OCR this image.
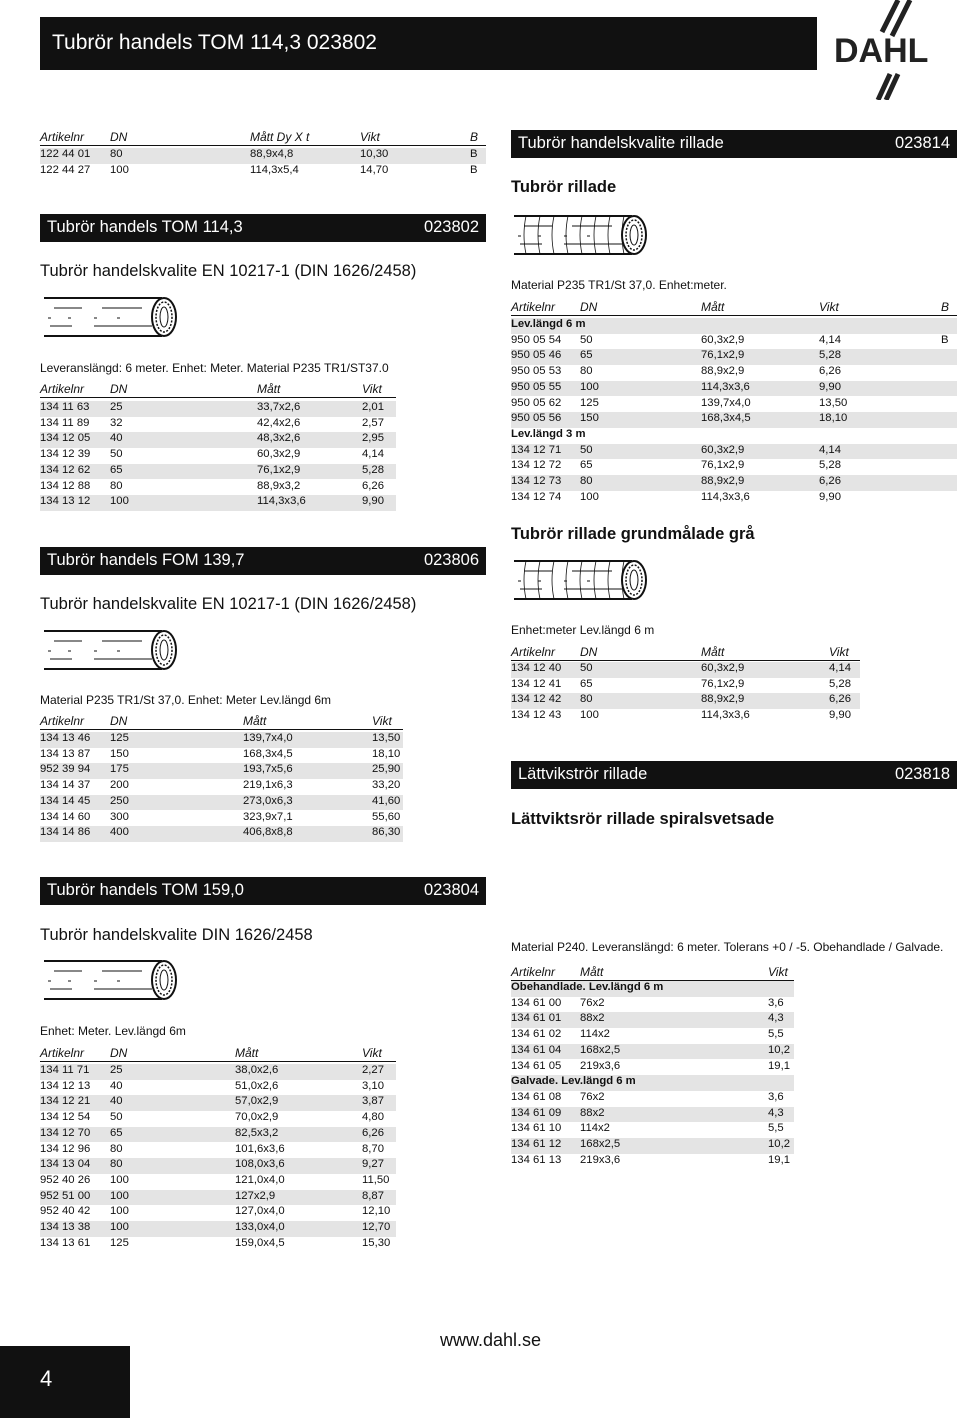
Tubrör handels TOM 114,3 023802	DAHL
Artikelnr DN	Mått Dy X t	Vikt	B
Tubrör handels TOM 114,3	023802
Tubrör handelskvalite EN 10217-1 (DIN 1626/2458)
Leveranslängd: 6 meter. Enhet: Meter. Material P235 TR1/ST37.0
Artikelnr DN	Mått	Vikt
Tubrör handels FOM 139,7	023806
Tubrör handelskvalite EN 10217-1 (DIN 1626/2458)
Material P235 TR1/St 37,0. Enhet: Meter Lev.längd 6m
Artikelnr DN	Mått	Vikt
Tubrör handels TOM 159,0	023804
Tubrör handelskvalite DIN 1626/2458
Enhet: Meter. Lev.längd 6m
Artikelnr DN	Mått	Vikt
Tubrör handelskvalite rillade	023814
Tubrör rillade
Material P235 TR1/St 37,0. Enhet:meter.
Artikelnr DN	Mått	Vikt	B
Tubrör rillade grundmålade grå
Enhet:meter Lev.längd 6 m
Artikelnr DN	Mått	Vikt
Lättvikströr rillade	023818
Lättviktsrör rillade spiralsvetsade
Material P240. Leveranslängd: 6 meter. Tolerans +0 / -5. Obehandlade / Galvade.
Artikelnr Mått	Vikt
4
www.dahl.se
122 44 01 80	88,9x4,8	10,30	B
122 44 27 100	114,3x5,4	14,70	B
134 11 63 25	33,7x2,6	2,01
134 11 89 32	42,4x2,6	2,57
134 12 05 40	48,3x2,6	2,95
134 12 39 50	60,3x2,9	4,14
134 12 62 65	76,1x2,9	5,28
134 12 88 80	88,9x3,2	6,26
134 13 12 100	114,3x3,6	9,90
134 13 46 125	139,7x4,0	13,50
134 13 87 150	168,3x4,5	18,10
952 39 94 175	193,7x5,6	25,90
134 14 37 200	219,1x6,3	33,20
134 14 45 250	273,0x6,3	41,60
134 14 60 300	323,9x7,1	55,60
134 14 86 400	406,8x8,8	86,30
134 11 71 25	38,0x2,6	2,27
134 12 13 40	51,0x2,6	3,10
134 12 21 40	57,0x2,9	3,87
134 12 54 50	70,0x2,9	4,80
134 12 70 65	82,5x3,2	6,26
134 12 96 80	101,6x3,6	8,70
134 13 04 80	108,0x3,6	9,27
952 40 26 100	121,0x4,0	11,50
952 51 00 100	127x2,9	8,87
952 40 42 100	127,0x4,0	12,10
134 13 38 100	133,0x4,0	12,70
134 13 61 125	159,0x4,5	15,30
Lev.längd 6 m
950 05 54 50	60,3x2,9	4,14	B
950 05 46 65	76,1x2,9	5,28
950 05 53 80	88,9x2,9	6,26
950 05 55 100	114,3x3,6	9,90
950 05 62 125	139,7x4,0	13,50
950 05 56 150	168,3x4,5	18,10
Lev.längd 3 m
134 12 71 50	60,3x2,9	4,14
134 12 72 65	76,1x2,9	5,28
134 12 73 80	88,9x2,9	6,26
134 12 74 100	114,3x3,6	9,90
134 12 40 50	60,3x2,9	4,14
134 12 41 65	76,1x2,9	5,28
134 12 42 80	88,9x2,9	6,26
134 12 43 100	114,3x3,6	9,90
Obehandlade. Lev.längd 6 m
134 61 00 76x2	3,6
134 61 01 88x2	4,3
134 61 02 114x2	5,5
134 61 04 168x2,5	10,2
134 61 05 219x3,6	19,1
Galvade. Lev.längd 6 m
134 61 08 76x2	3,6
134 61 09 88x2	4,3
134 61 10 114x2	5,5
134 61 12 168x2,5	10,2
134 61 13 219x3,6	19,1
